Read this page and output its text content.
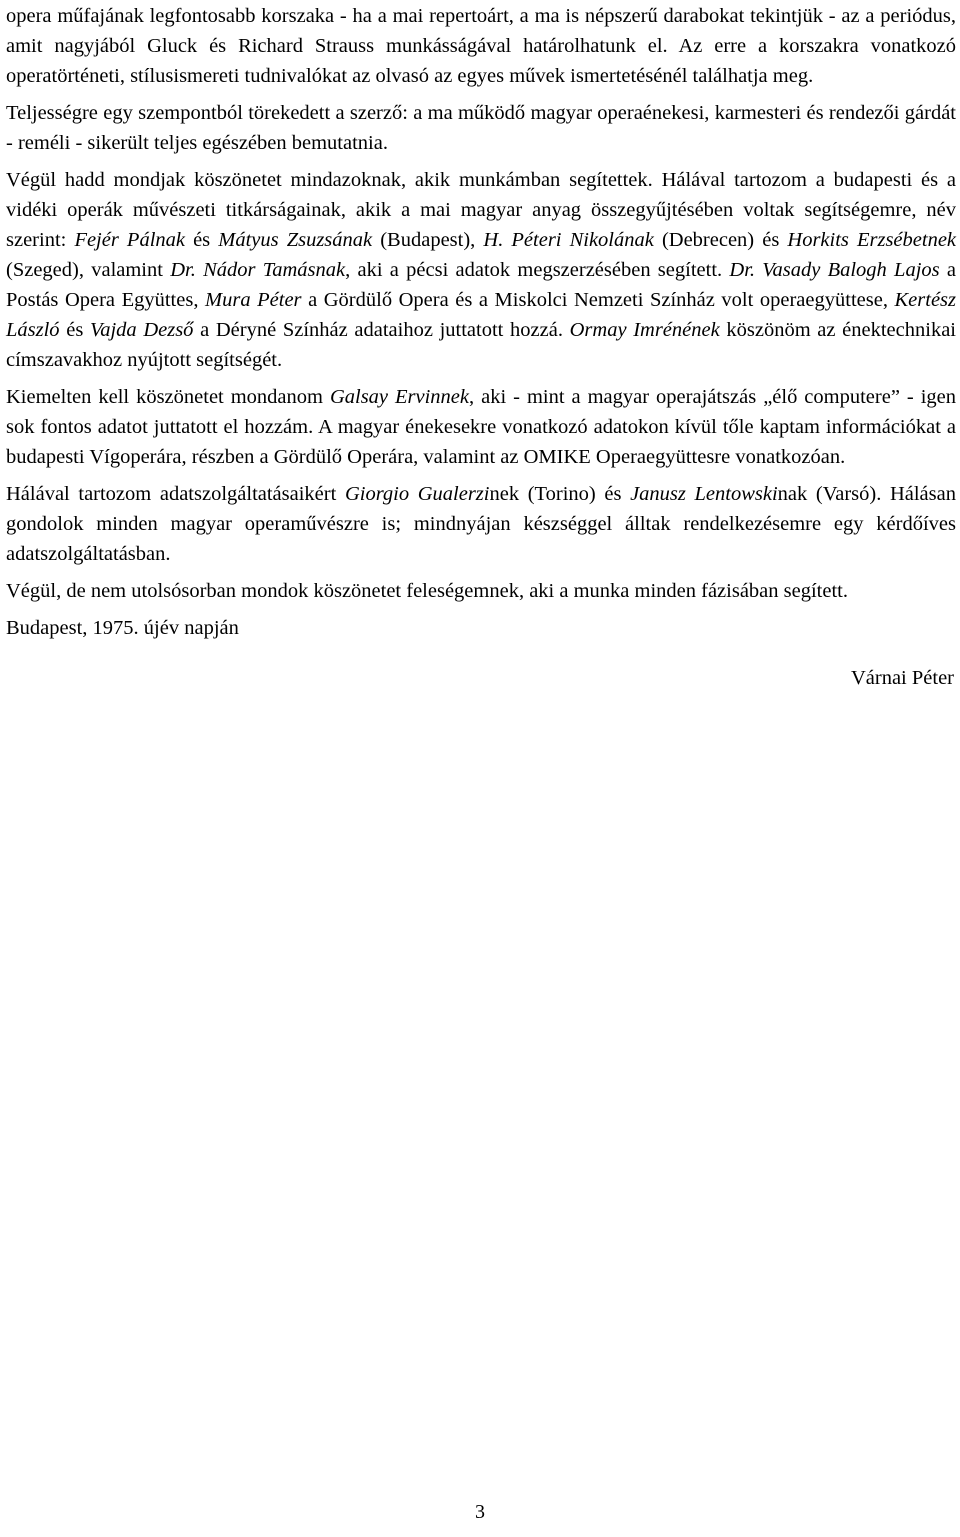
opera műfajának legfontosabb korszaka - ha a mai repertoárt, a ma is népszerű darabokat tekintjük - az a periódus, amit nagyjából Gluck és Richard Strauss munkásságával határolhatunk el. Az erre a korszakra vonatkozó operatörténeti, stílusismereti tudnivalókat az olvasó az egyes művek ismertetésénél találhatja meg.

Teljességre egy szempontból törekedett a szerző: a ma működő magyar operaénekesi, karmesteri és rendezői gárdát - reméli - sikerült teljes egészében bemutatnia.

Végül hadd mondjak köszönetet mindazoknak, akik munkámban segítettek. Hálával tartozom a budapesti és a vidéki operák művészeti titkárságainak, akik a mai magyar anyag összegyűjtésében voltak segítségemre, név szerint: Fejér Pálnak és Mátyus Zsuzsának (Budapest), H. Péteri Nikolának (Debrecen) és Horkits Erzsébetnek (Szeged), valamint Dr. Nádor Tamásnak, aki a pécsi adatok megszerzésében segített. Dr. Vasady Balogh Lajos a Postás Opera Együttes, Mura Péter a Gördülő Opera és a Miskolci Nemzeti Színház volt operaegyüttese, Kertész László és Vajda Dezső a Déryné Színház adataihoz juttatott hozzá. Ormay Imrénének köszönöm az énektechnikai címszavakhoz nyújtott segítségét.

Kiemelten kell köszönetet mondanom Galsay Ervinnek, aki - mint a magyar operajátszás „élő computere” - igen sok fontos adatot juttatott el hozzám. A magyar énekesekre vonatkozó adatokon kívül tőle kaptam információkat a budapesti Vígoperára, részben a Gördülő Operára, valamint az OMIKE Operaegyüttesre vonatkozóan.

Hálával tartozom adatszolgáltatásaikért Giorgio Gualerzinek (Torino) és Janusz Lentowskinak (Varsó). Hálásan gondolok minden magyar operaművészre is; mindnyájan készséggel álltak rendelkezésemre egy kérdőíves adatszolgáltatásban.

Végül, de nem utolsósorban mondok köszönetet feleségemnek, aki a munka minden fázisában segített.

Budapest, 1975. újév napján

Várnai Péter
3
